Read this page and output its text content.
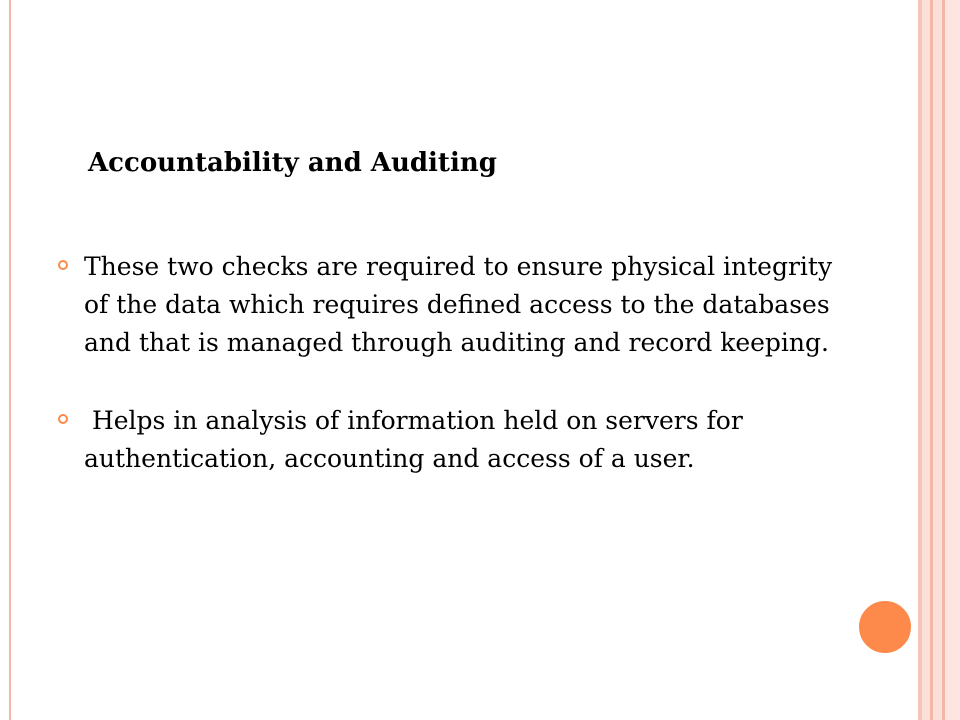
Accountability and Auditing
These two checks are required to ensure physical integrity of the data which requires defined access to the databases and that is managed through auditing and record keeping.
Helps in analysis of information held on servers for authentication, accounting and access of a user.
